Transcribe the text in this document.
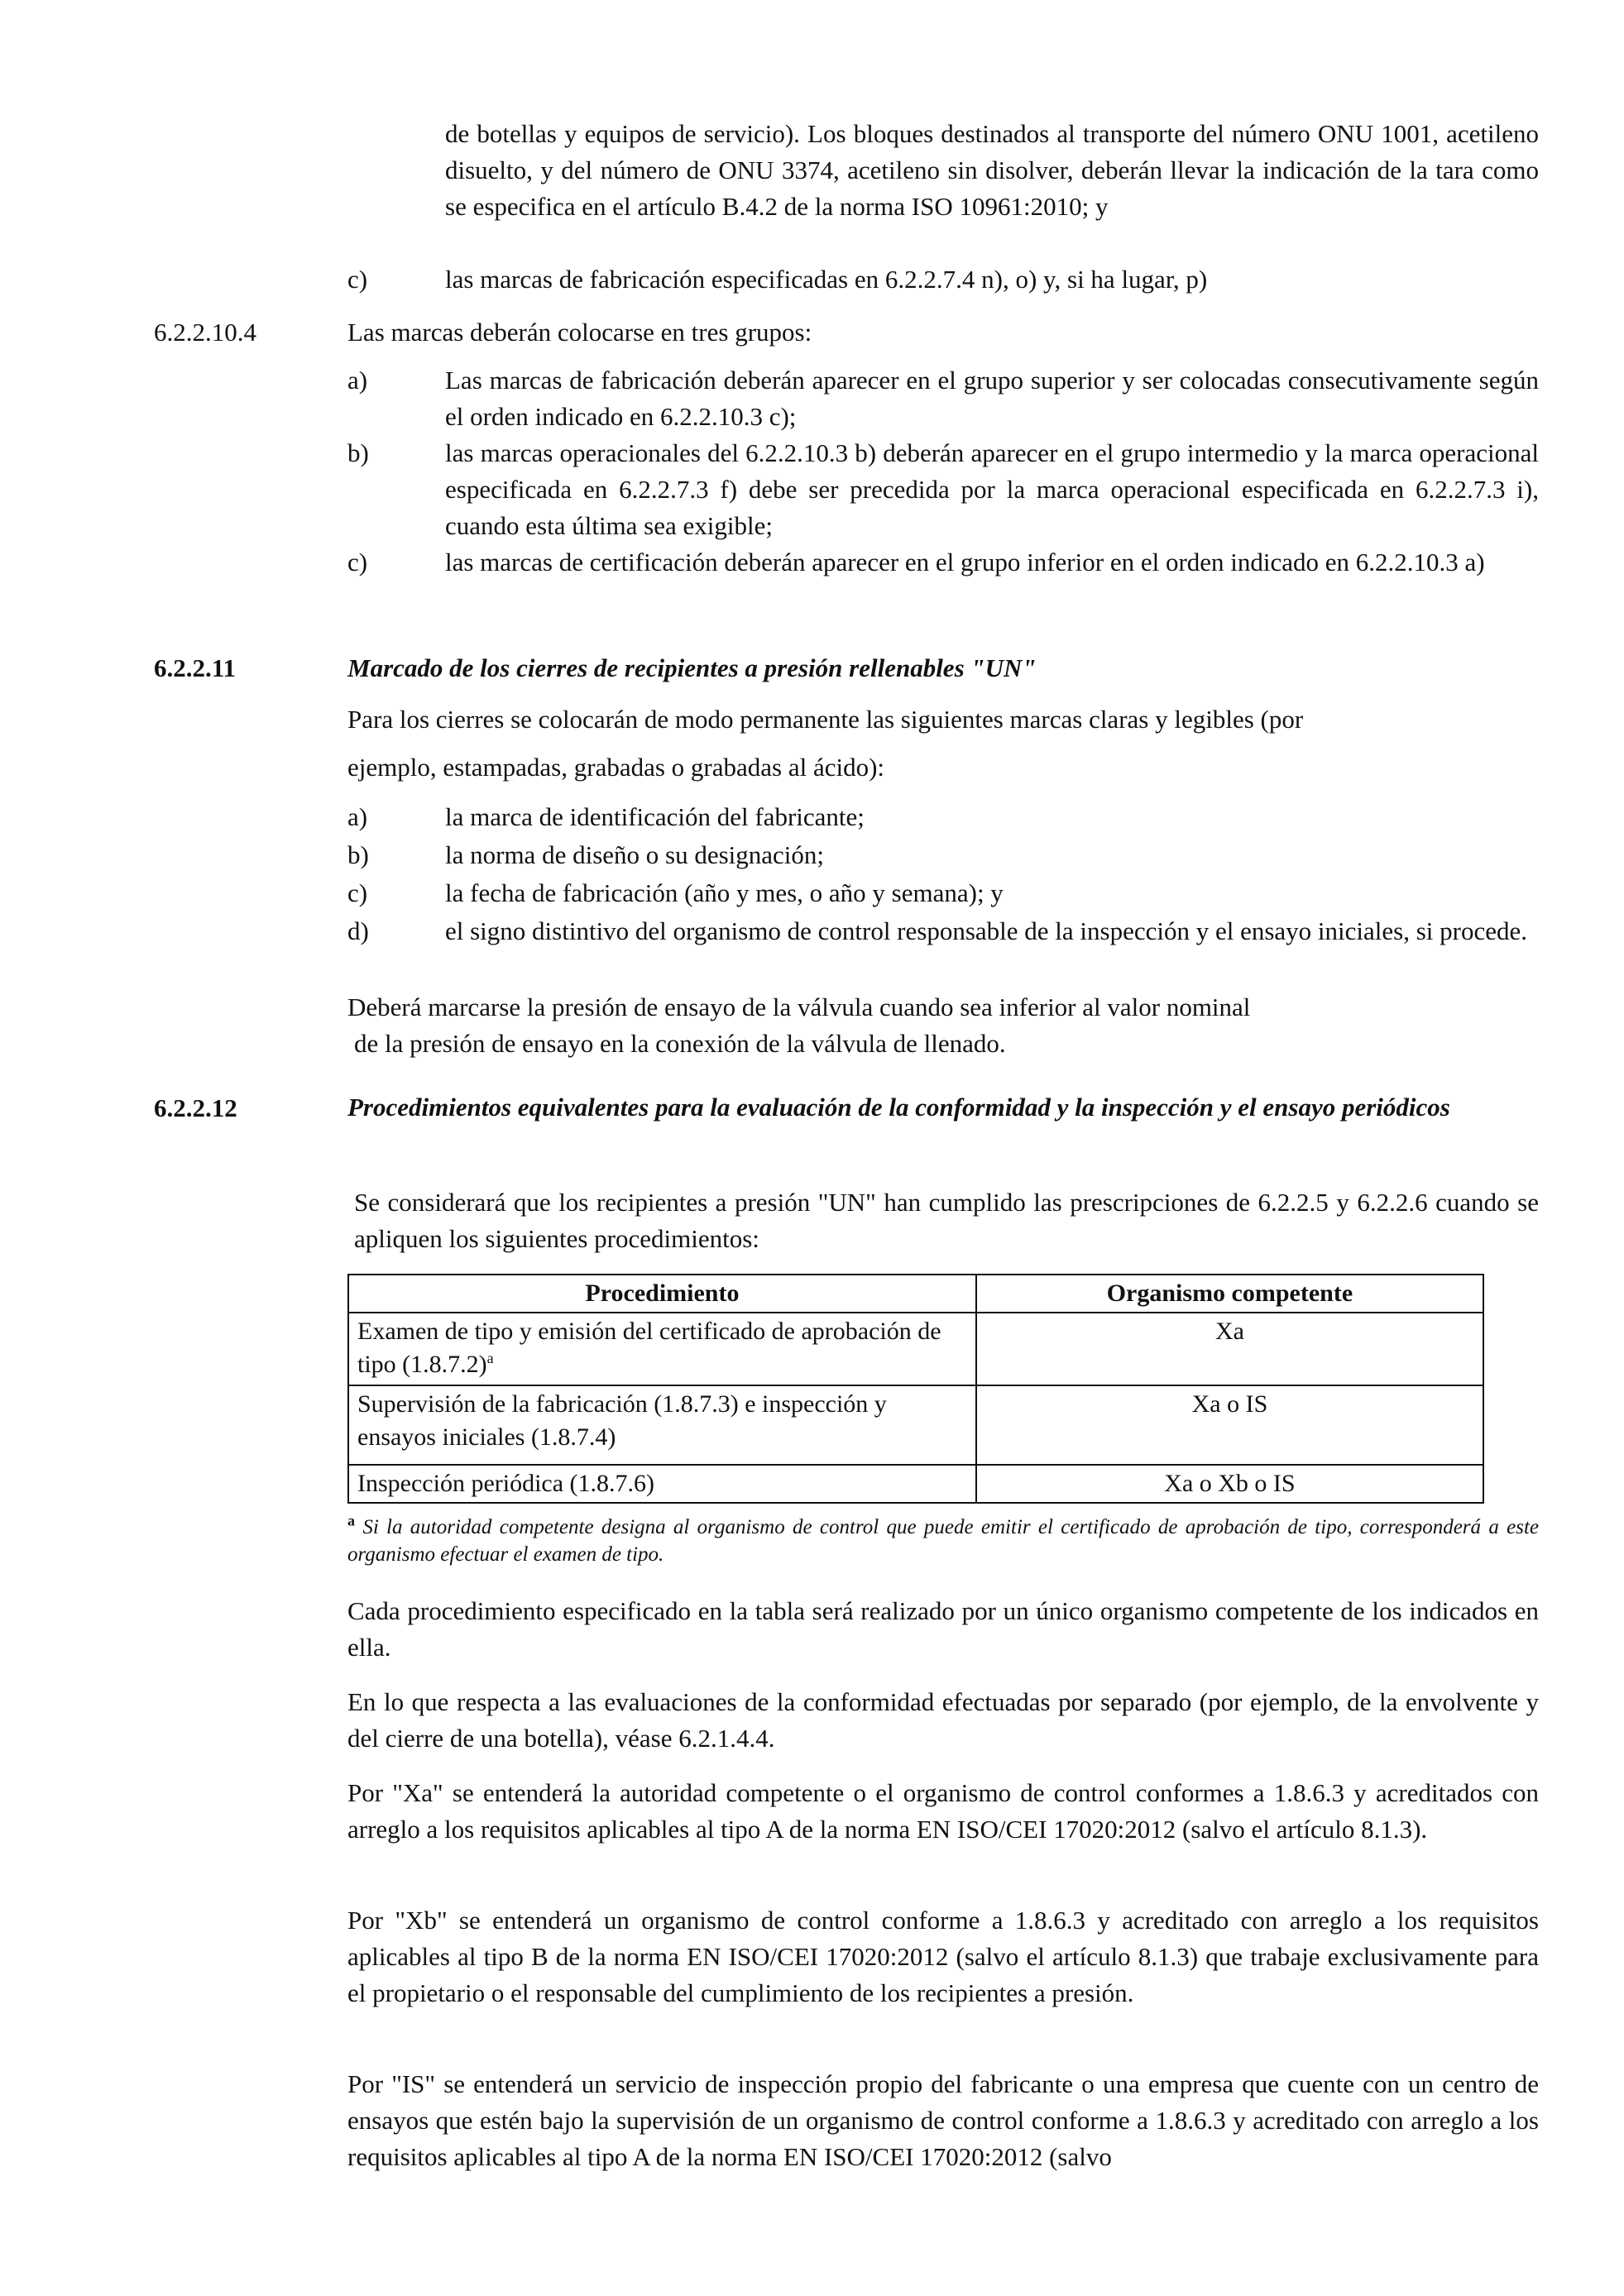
de botellas y equipos de servicio). Los bloques destinados al transporte del número ONU 1001, acetileno disuelto, y del número de ONU 3374, acetileno sin disolver, deberán llevar la indicación de la tara como se especifica en el artículo B.4.2 de la norma ISO 10961:2010; y
c)	las marcas de fabricación especificadas en 6.2.2.7.4 n), o) y, si ha lugar, p)
6.2.2.10.4	Las marcas deberán colocarse en tres grupos:
a)	Las marcas de fabricación deberán aparecer en el grupo superior y ser colocadas consecutivamente según el orden indicado en 6.2.2.10.3 c);
b)	las marcas operacionales del 6.2.2.10.3 b) deberán aparecer en el grupo intermedio y la marca operacional especificada en 6.2.2.7.3 f) debe ser precedida por la marca operacional especificada en 6.2.2.7.3 i), cuando esta última sea exigible;
c)	las marcas de certificación deberán aparecer en el grupo inferior en el orden indicado en 6.2.2.10.3 a)
6.2.2.11	Marcado de los cierres de recipientes a presión rellenables "UN"
Para los cierres se colocarán de modo permanente las siguientes marcas claras y legibles (por
ejemplo, estampadas, grabadas o grabadas al ácido):
a)	la marca de identificación del fabricante;
b)	la norma de diseño o su designación;
c)	la fecha de fabricación (año y mes, o año y semana); y
d)	el signo distintivo del organismo de control responsable de la inspección y el ensayo iniciales, si procede.
Deberá marcarse la presión de ensayo de la válvula cuando sea inferior al valor nominal
de la presión de ensayo en la conexión de la válvula de llenado.
6.2.2.12	Procedimientos equivalentes para la evaluación de la conformidad y la inspección y el ensayo periódicos
Se considerará que los recipientes a presión "UN" han cumplido las prescripciones de 6.2.2.5 y 6.2.2.6 cuando se apliquen los siguientes procedimientos:
Procedimiento	Organismo competente
Examen de tipo y emisión del certificado de aprobación de tipo $(1.8.7.2)^a$	Xa
Supervisión de la fabricación (1.8.7.3) e inspección y ensayos iniciales (1.8.7.4)	Xa o IS
Inspección periódica (1.8.7.6)	Xa o Xb o IS
$^a$ Si la autoridad competente designa al organismo de control que puede emitir el certificado de aprobación de tipo, corresponderá a este organismo efectuar el examen de tipo.
Cada procedimiento especificado en la tabla será realizado por un único organismo competente de los indicados en ella.
En lo que respecta a las evaluaciones de la conformidad efectuadas por separado (por ejemplo, de la envolvente y del cierre de una botella), véase 6.2.1.4.4.
Por "Xa" se entenderá la autoridad competente o el organismo de control conformes a 1.8.6.3 y acreditados con arreglo a los requisitos aplicables al tipo A de la norma EN ISO/CEI 17020:2012 (salvo el artículo 8.1.3).
Por "Xb" se entenderá un organismo de control conforme a 1.8.6.3 y acreditado con arreglo a los requisitos aplicables al tipo B de la norma EN ISO/CEI 17020:2012 (salvo el artículo 8.1.3) que trabaje exclusivamente para el propietario o el responsable del cumplimiento de los recipientes a presión.
Por "IS" se entenderá un servicio de inspección propio del fabricante o una empresa que cuente con un centro de ensayos que estén bajo la supervisión de un organismo de control conforme a 1.8.6.3 y acreditado con arreglo a los requisitos aplicables al tipo A de la norma EN ISO/CEI 17020:2012 (salvo
